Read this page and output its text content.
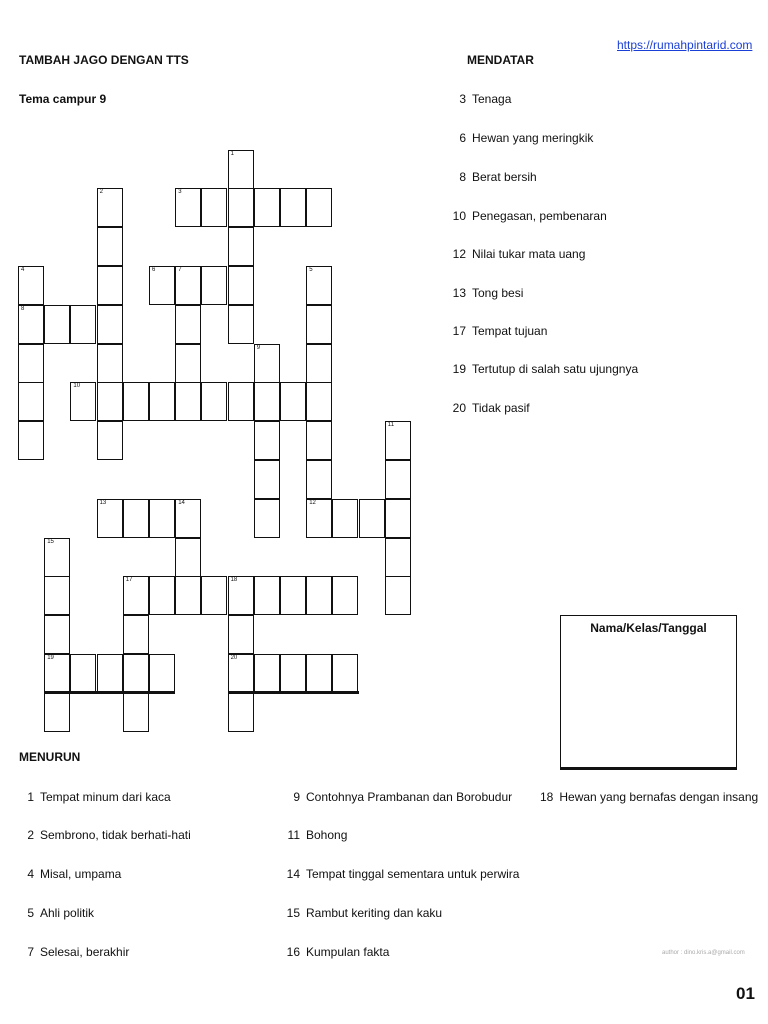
TAMBAH JAGO DENGAN TTS
Tema campur 9
https://rumahpintarid.com
MENDATAR
3 Tenaga
6 Hewan yang meringkik
8 Berat bersih
10 Penegasan, pembenaran
12 Nilai tukar mata uang
13 Tong besi
17 Tempat tujuan
19 Tertutup di salah satu ujungnya
20 Tidak pasif
MENURUN
1 Tempat minum dari kaca
2 Sembrono, tidak berhati-hati
4 Misal, umpama
5 Ahli politik
7 Selesai, berakhir
9 Contohnya Prambanan dan Borobudur
11 Bohong
14 Tempat tinggal sementara untuk perwira
15 Rambut keriting dan kaku
16 Kumpulan fakta
18 Hewan yang bernafas dengan insang
Nama/Kelas/Tanggal
author : dino.kris.a@gmail.com
01
3
6	7
8
10
12
13	14
17	18
19	20
1
2
4	5
9
11
15
